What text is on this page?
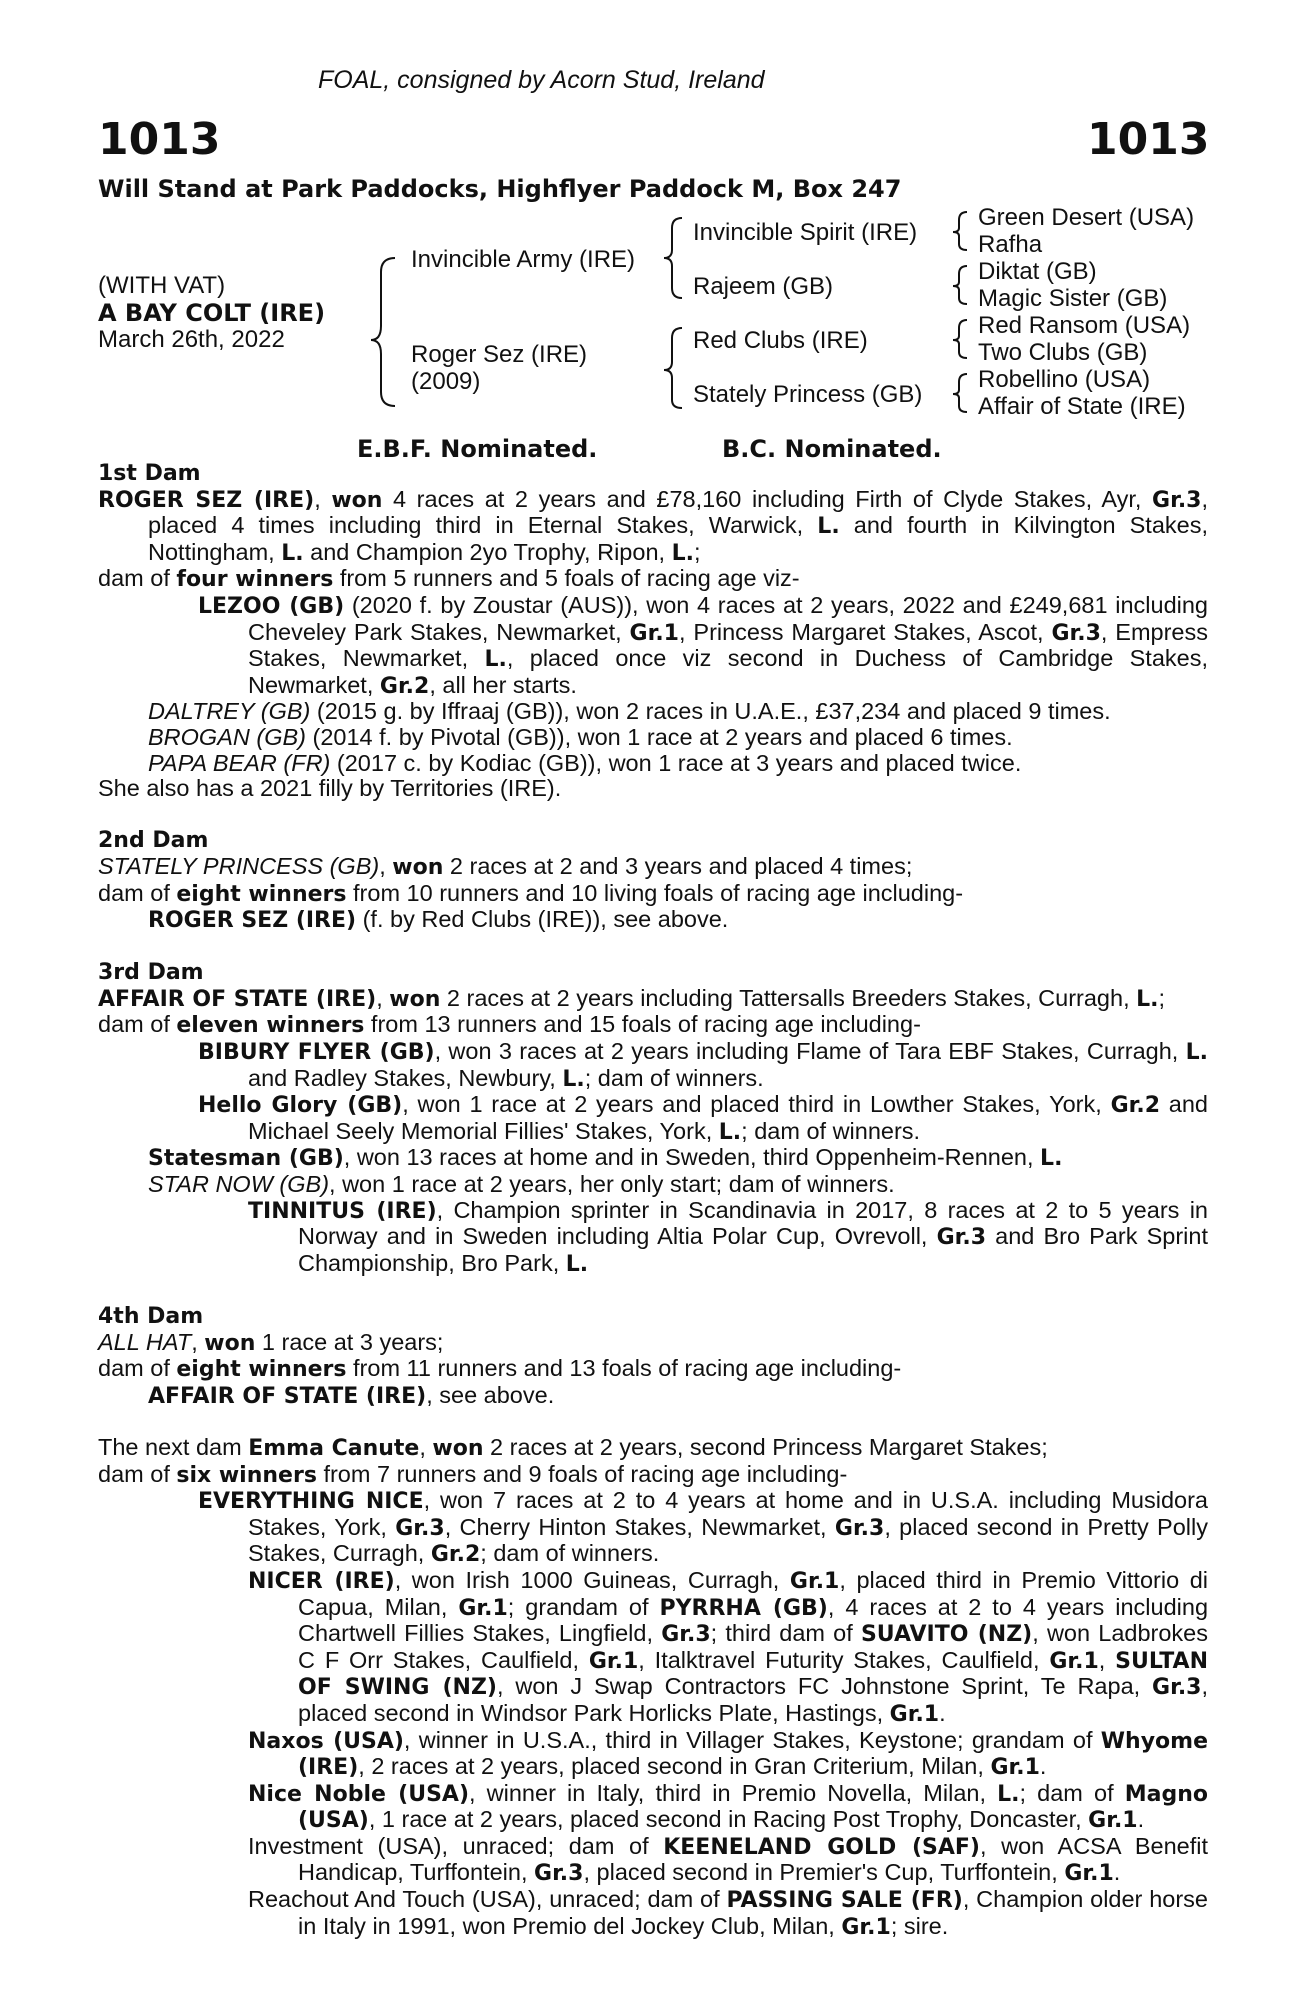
FOAL, consigned by Acorn Stud, Ireland
1013	1013
Will Stand at Park Paddocks, Highflyer Paddock M, Box 247
(WITH VAT)
A BAY COLT (IRE)
March 26th, 2022
Invincible Army (IRE)
Roger Sez (IRE)
(2009)
Invincible Spirit (IRE)
Rajeem (GB)
Red Clubs (IRE)
Stately Princess (GB)
Green Desert (USA)
Rafha
Diktat (GB)
Magic Sister (GB)
Red Ransom (USA)
Two Clubs (GB)
Robellino (USA)
Affair of State (IRE)
E.B.F. Nominated.	B.C. Nominated.
1st Dam
ROGER SEZ (IRE), won 4 races at 2 years and £78,160 including Firth of Clyde Stakes, Ayr, Gr.3, placed 4 times including third in Eternal Stakes, Warwick, L. and fourth in Kilvington Stakes, Nottingham, L. and Champion 2yo Trophy, Ripon, L.;
dam of four winners from 5 runners and 5 foals of racing age viz-
LEZOO (GB) (2020 f. by Zoustar (AUS)), won 4 races at 2 years, 2022 and £249,681 including Cheveley Park Stakes, Newmarket, Gr.1, Princess Margaret Stakes, Ascot, Gr.3, Empress Stakes, Newmarket, L., placed once viz second in Duchess of Cambridge Stakes, Newmarket, Gr.2, all her starts.
DALTREY (GB) (2015 g. by Iffraaj (GB)), won 2 races in U.A.E., £37,234 and placed 9 times.
BROGAN (GB) (2014 f. by Pivotal (GB)), won 1 race at 2 years and placed 6 times.
PAPA BEAR (FR) (2017 c. by Kodiac (GB)), won 1 race at 3 years and placed twice.
She also has a 2021 filly by Territories (IRE).
2nd Dam
STATELY PRINCESS (GB), won 2 races at 2 and 3 years and placed 4 times;
dam of eight winners from 10 runners and 10 living foals of racing age including-
ROGER SEZ (IRE) (f. by Red Clubs (IRE)), see above.
3rd Dam
AFFAIR OF STATE (IRE), won 2 races at 2 years including Tattersalls Breeders Stakes, Curragh, L.;
dam of eleven winners from 13 runners and 15 foals of racing age including-
BIBURY FLYER (GB), won 3 races at 2 years including Flame of Tara EBF Stakes, Curragh, L. and Radley Stakes, Newbury, L.; dam of winners.
Hello Glory (GB), won 1 race at 2 years and placed third in Lowther Stakes, York, Gr.2 and Michael Seely Memorial Fillies' Stakes, York, L.; dam of winners.
Statesman (GB), won 13 races at home and in Sweden, third Oppenheim-Rennen, L.
STAR NOW (GB), won 1 race at 2 years, her only start; dam of winners.
TINNITUS (IRE), Champion sprinter in Scandinavia in 2017, 8 races at 2 to 5 years in Norway and in Sweden including Altia Polar Cup, Ovrevoll, Gr.3 and Bro Park Sprint Championship, Bro Park, L.
4th Dam
ALL HAT, won 1 race at 3 years;
dam of eight winners from 11 runners and 13 foals of racing age including-
AFFAIR OF STATE (IRE), see above.
The next dam Emma Canute, won 2 races at 2 years, second Princess Margaret Stakes;
dam of six winners from 7 runners and 9 foals of racing age including-
EVERYTHING NICE, won 7 races at 2 to 4 years at home and in U.S.A. including Musidora Stakes, York, Gr.3, Cherry Hinton Stakes, Newmarket, Gr.3, placed second in Pretty Polly Stakes, Curragh, Gr.2; dam of winners.
NICER (IRE), won Irish 1000 Guineas, Curragh, Gr.1, placed third in Premio Vittorio di Capua, Milan, Gr.1; grandam of PYRRHA (GB), 4 races at 2 to 4 years including Chartwell Fillies Stakes, Lingfield, Gr.3; third dam of SUAVITO (NZ), won Ladbrokes C F Orr Stakes, Caulfield, Gr.1, Italktravel Futurity Stakes, Caulfield, Gr.1, SULTAN OF SWING (NZ), won J Swap Contractors FC Johnstone Sprint, Te Rapa, Gr.3, placed second in Windsor Park Horlicks Plate, Hastings, Gr.1.
Naxos (USA), winner in U.S.A., third in Villager Stakes, Keystone; grandam of Whyome (IRE), 2 races at 2 years, placed second in Gran Criterium, Milan, Gr.1.
Nice Noble (USA), winner in Italy, third in Premio Novella, Milan, L.; dam of Magno (USA), 1 race at 2 years, placed second in Racing Post Trophy, Doncaster, Gr.1.
Investment (USA), unraced; dam of KEENELAND GOLD (SAF), won ACSA Benefit Handicap, Turffontein, Gr.3, placed second in Premier's Cup, Turffontein, Gr.1.
Reachout And Touch (USA), unraced; dam of PASSING SALE (FR), Champion older horse in Italy in 1991, won Premio del Jockey Club, Milan, Gr.1; sire.
